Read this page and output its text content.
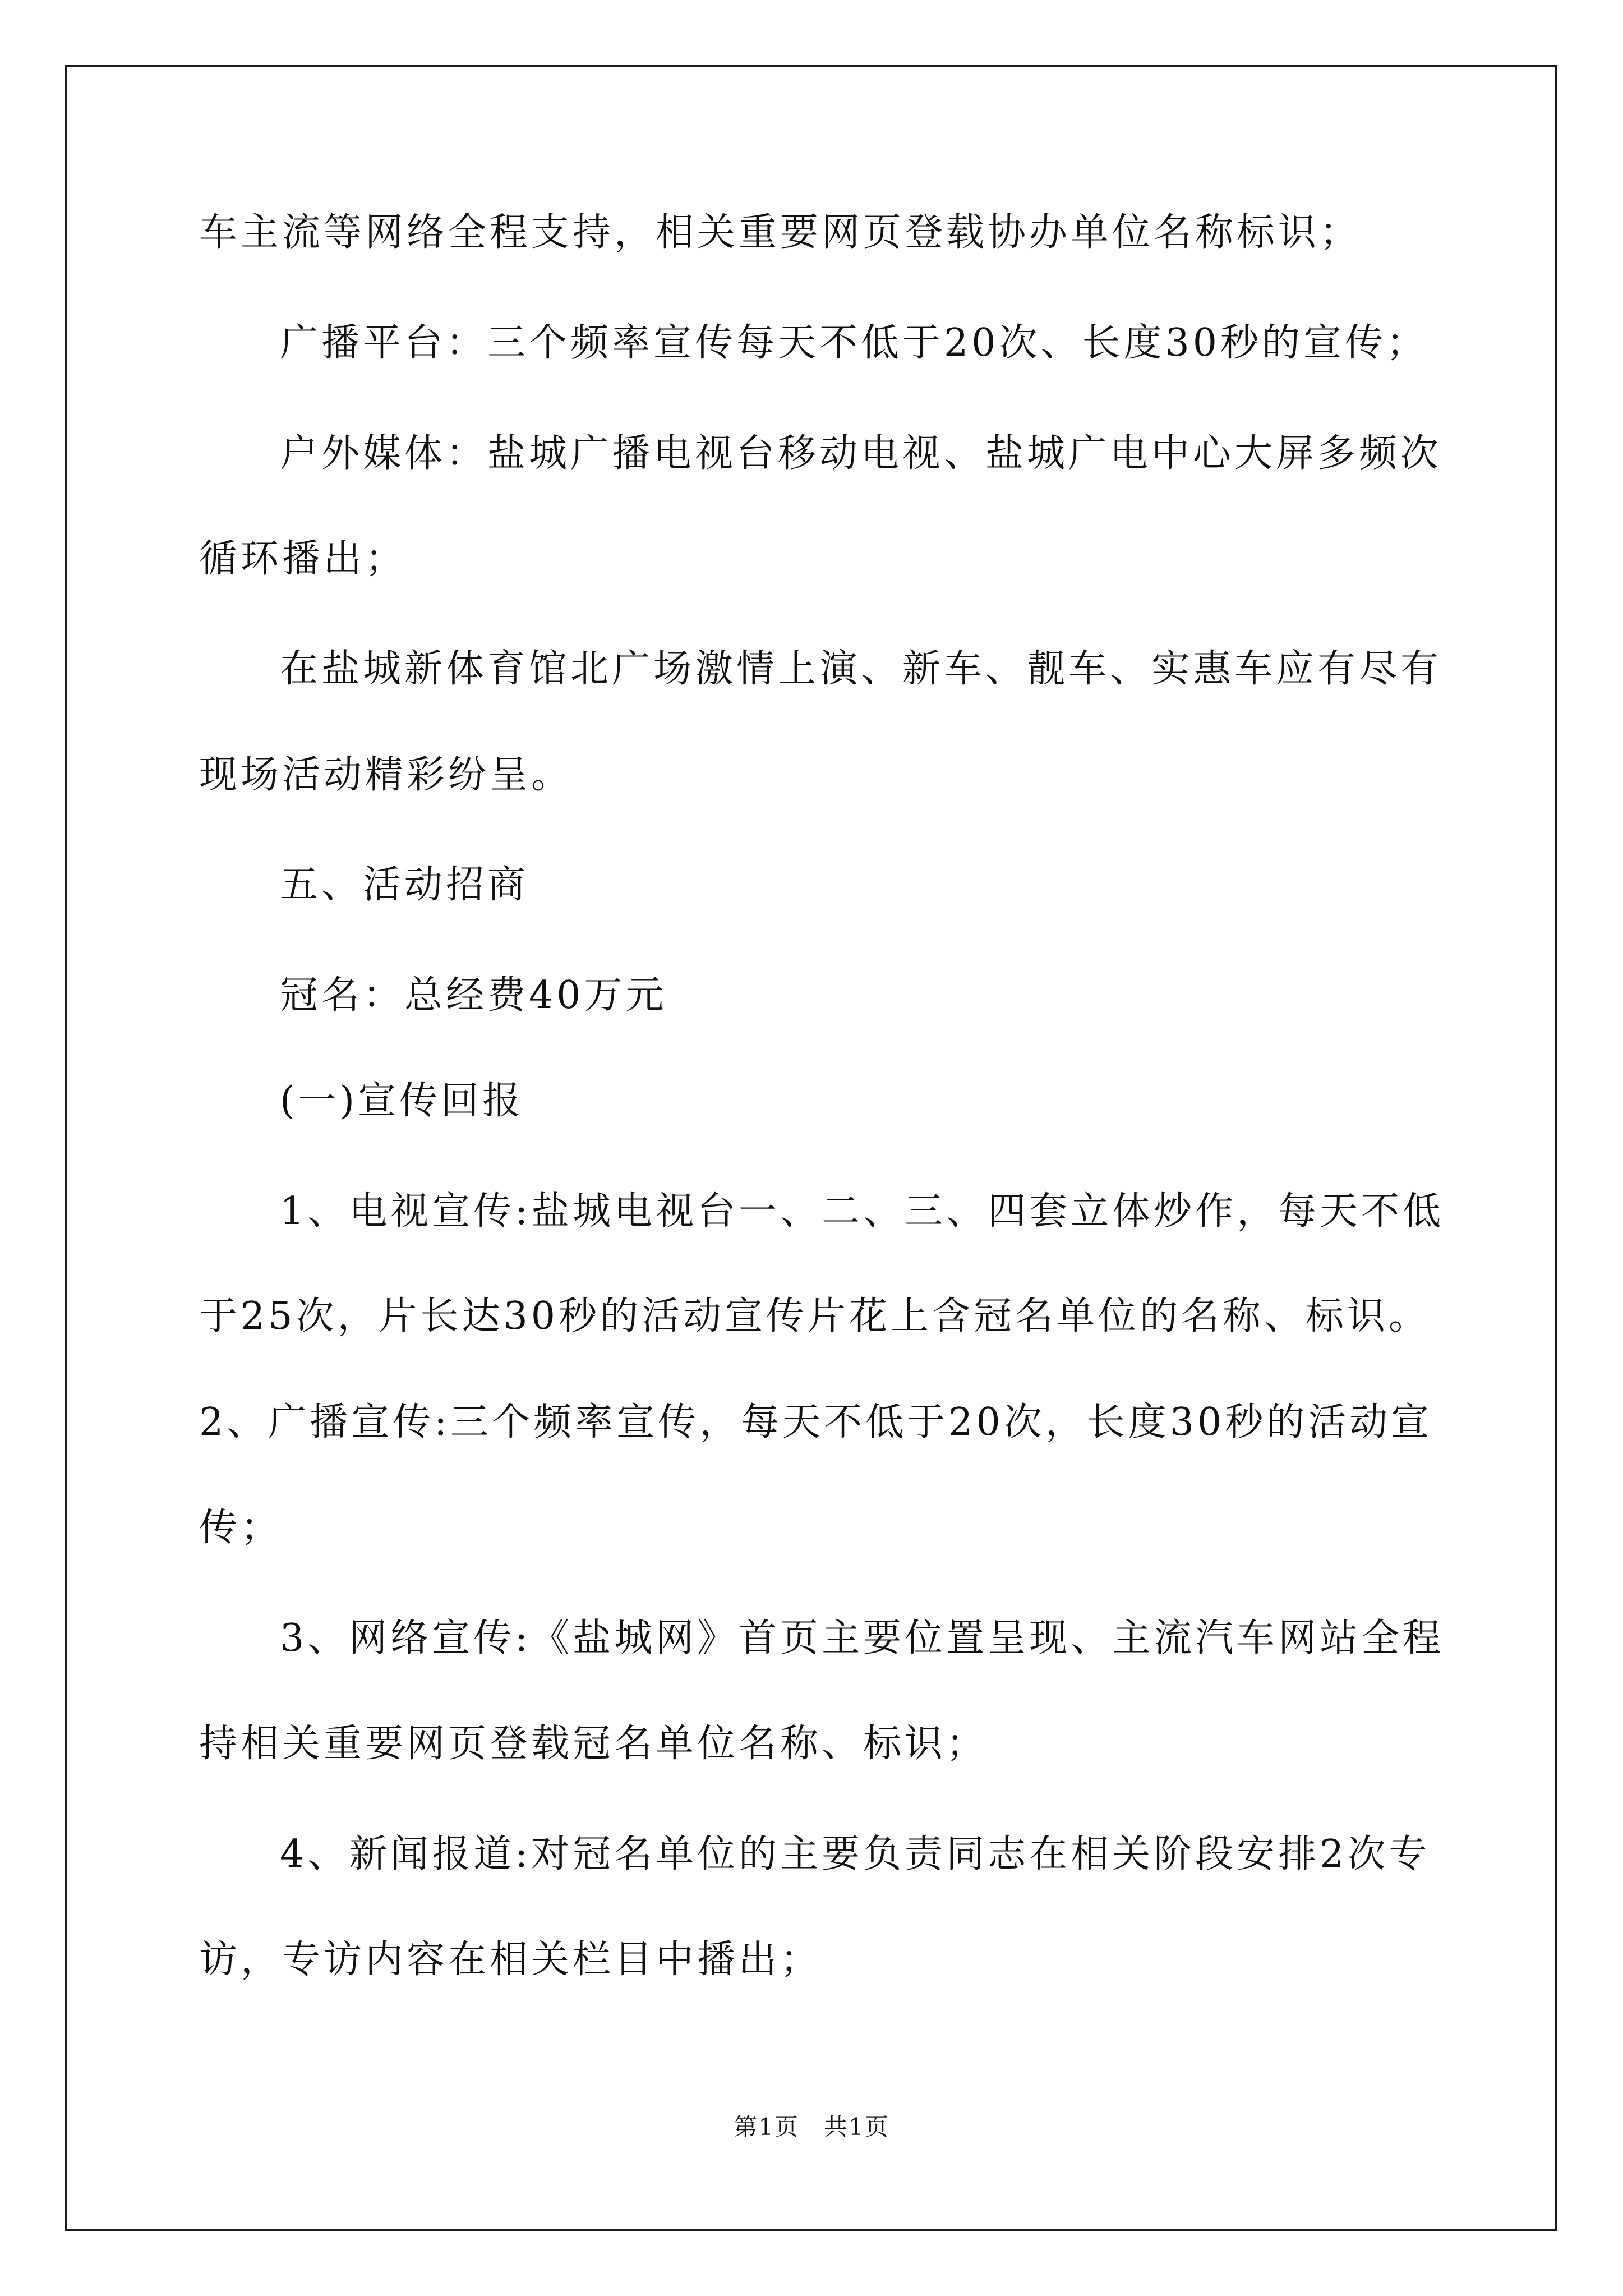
车主流等网络全程支持，相关重要网页登载协办单位名称标识；
广播平台：三个频率宣传每天不低于20次、长度30秒的宣传；
户外媒体：盐城广播电视台移动电视、盐城广电中心大屏多频次
循环播出；
在盐城新体育馆北广场激情上演、新车、靓车、实惠车应有尽有
现场活动精彩纷呈。
五、活动招商
冠名：总经费40万元
(一)宣传回报
1、电视宣传:盐城电视台一、二、三、四套立体炒作，每天不低
于25次，片长达30秒的活动宣传片花上含冠名单位的名称、标识。
2、广播宣传:三个频率宣传，每天不低于20次，长度30秒的活动宣
传；
3、网络宣传:《盐城网》首页主要位置呈现、主流汽车网站全程
持相关重要网页登载冠名单位名称、标识；
4、新闻报道:对冠名单位的主要负责同志在相关阶段安排2次专
访，专访内容在相关栏目中播出；
第1页　共1页
